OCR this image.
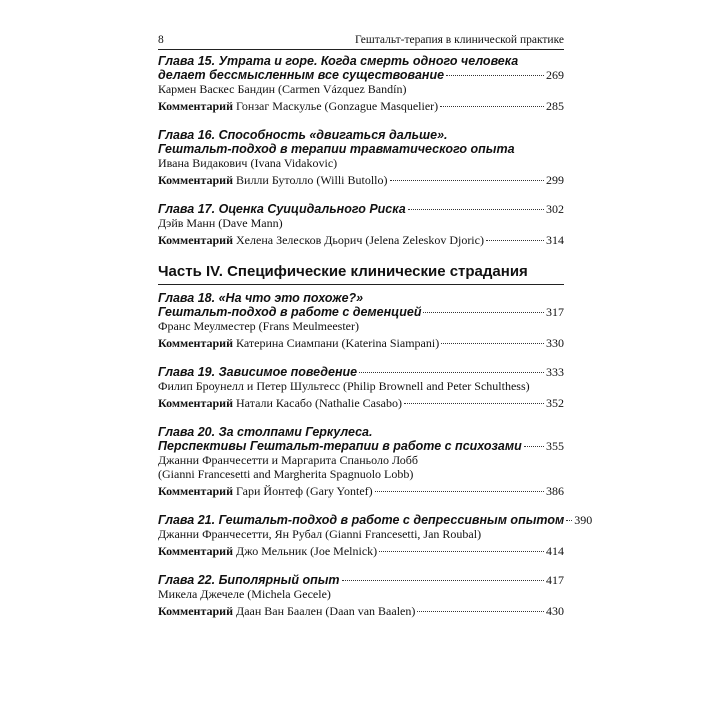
8	Гештальт-терапия в клинической практике
Глава 15. Утрата и горе. Когда смерть одного человека
делает бессмысленным все существование	269
Кармен Васкес Бандин (Carmen Vázquez Bandín)
Комментарий Гонзаг Маскулье (Gonzague Masquelier)	285
Глава 16. Способность «двигаться дальше».
Гештальт-подход в терапии травматического опыта
Ивана Видакович (Ivana Vidakovic)
Комментарий Вилли Бутолло (Willi Butollo)	299
Глава 17. Оценка Суицидального Риска	302
Дэйв Манн (Dave Mann)
Комментарий Хелена Зелесков Дьорич (Jelena Zeleskov Djoric)	314
Часть IV. Специфические клинические страдания
Глава 18. «На что это похоже?»
Гештальт-подход в работе с деменцией	317
Франс Меулместер (Frans Meulmeester)
Комментарий Катерина Сиампани (Katerina Siampani)	330
Глава 19. Зависимое поведение	333
Филип Броунелл и Петер Шультесс (Philip Brownell and Peter Schulthess)
Комментарий Натали Касабо (Nathalie Casabo)	352
Глава 20. За столпами Геркулеса.
Перспективы Гештальт-терапии в работе с психозами 355
Джанни Франчесетти и Маргарита Спаньоло Лобб
(Gianni Francesetti and Margherita Spagnuolo Lobb)
Комментарий Гари Йонтеф (Gary Yontef)	386
Глава 21. Гештальт-подход в работе с депрессивным опытом 390
Джанни Франчесетти, Ян Рубал (Gianni Francesetti, Jan Roubal)
Комментарий Джо Мельник (Joe Melnick)	414
Глава 22. Биполярный опыт	417
Микела Джечеле (Michela Gecele)
Комментарий Даан Ван Баален (Daan van Baalen)	430
